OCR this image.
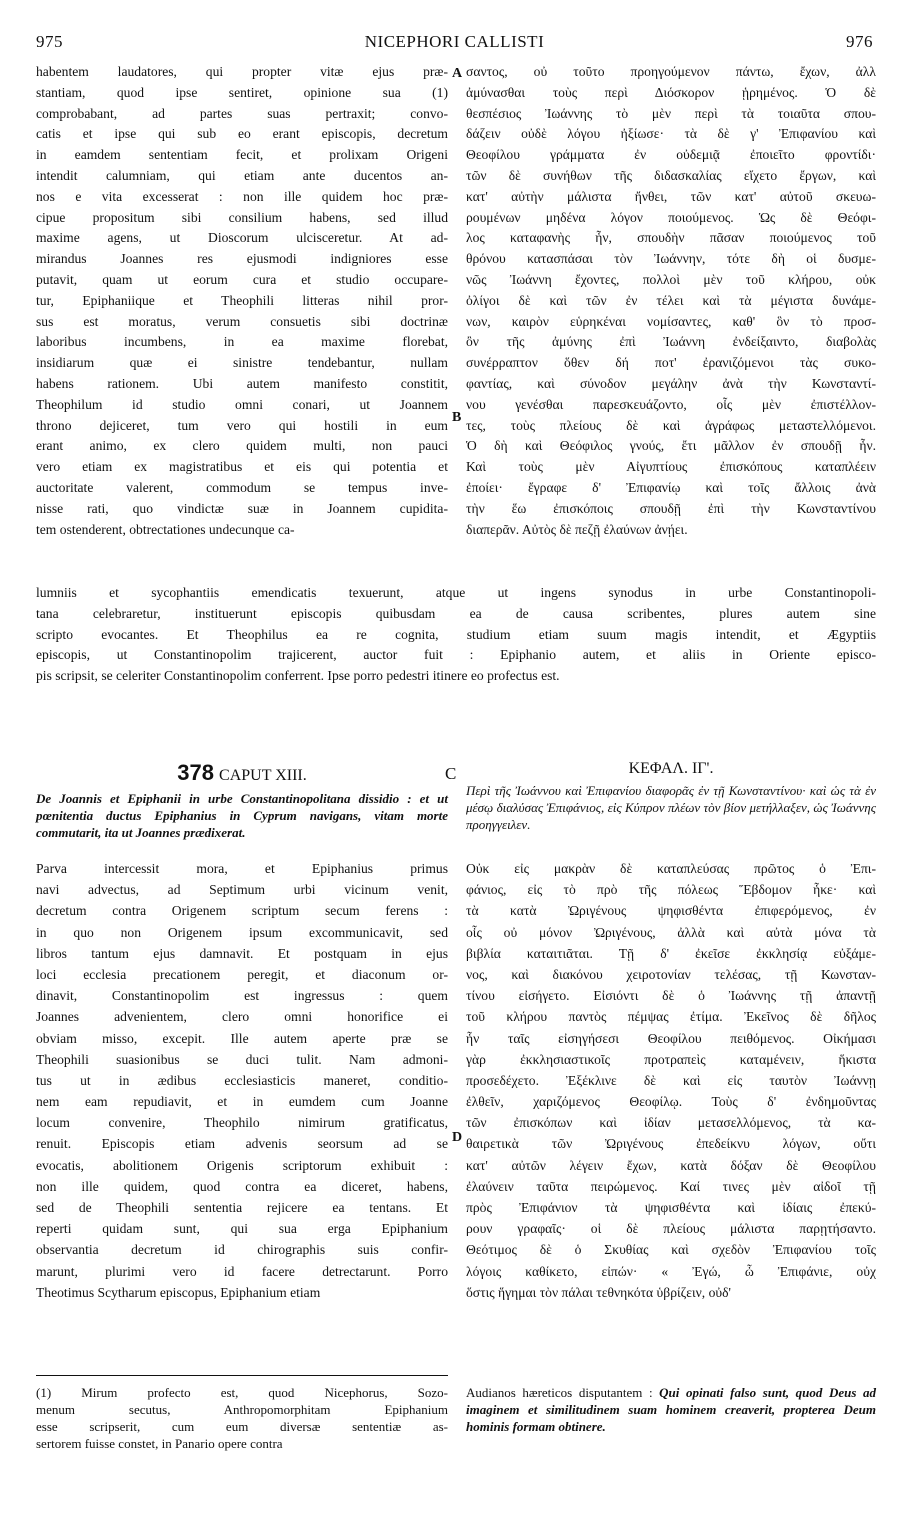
975	NICEPHORI CALLISTI	976
A
B
D
habentem laudatores, qui propter vitæ ejus præ-
stantiam, quod ipse sentiret, opinione sua (1)
comprobabant, ad partes suas pertraxit; convo-
catis et ipse qui sub eo erant episcopis, decretum
in eamdem sententiam fecit, et prolixam Origeni
intendit calumniam, qui etiam ante ducentos an-
nos e vita excesserat : non ille quidem hoc præ-
cipue propositum sibi consilium habens, sed illud
maxime agens, ut Dioscorum ulcisceretur. At ad-
mirandus Joannes res ejusmodi indigniores esse
putavit, quam ut eorum cura et studio occupare-
tur, Epiphaniique et Theophili litteras nihil pror-
sus est moratus, verum consuetis sibi doctrinæ
laboribus incumbens, in ea maxime florebat,
insidiarum quæ ei sinistre tendebantur, nullam
habens rationem. Ubi autem manifesto constitit,
Theophilum id studio omni conari, ut Joannem
throno dejiceret, tum vero qui hostili in eum
erant animo, ex clero quidem multi, non pauci
vero etiam ex magistratibus et eis qui potentia et
auctoritate valerent, commodum se tempus inve-
nisse rati, quo vindictæ suæ in Joannem cupidita-
tem ostenderent, obtrectationes undecunque ca-
σαντος, οὐ τοῦτο προηγούμενον πάντω, ἔχων, ἀλλ
ἀμύνασθαι τοὺς περὶ Διόσκορον ᾑρημένος. Ὁ δὲ
θεσπέσιος Ἰωάννης τὸ μὲν περὶ τὰ τοιαῦτα σπου-
δάζειν οὐδὲ λόγου ἠξίωσε· τὰ δὲ γ' Ἐπιφανίου καὶ
Θεοφίλου γράμματα ἐν οὐδεμιᾷ ἐποιεῖτο φροντίδι·
τῶν δὲ συνήθων τῆς διδασκαλίας εἴχετο ἔργων, καὶ
κατ' αὐτὴν μάλιστα ἤνθει, τῶν κατ' αὐτοῦ σκευω-
ρουμένων μηδένα λόγον ποιούμενος. Ὡς δὲ Θεόφι-
λος καταφανὴς ἦν, σπουδὴν πᾶσαν ποιούμενος τοῦ
θρόνου κατασπάσαι τὸν Ἰωάννην, τότε δὴ οἱ δυσμε-
νῶς Ἰωάννη ἔχοντες, πολλοὶ μὲν τοῦ κλήρου, οὐκ
ὀλίγοι δὲ καὶ τῶν ἐν τέλει καὶ τὰ μέγιστα δυνάμε-
νων, καιρὸν εὑρηκέναι νομίσαντες, καθ' ὃν τὸ προσ-
ὂν τῆς ἀμύνης ἐπὶ Ἰωάννη ἐνδείξαιντο, διαβολὰς
συνέρραπτον ὅθεν δή ποτ' ἐρανιζόμενοι τὰς συκο-
φαντίας, καὶ σύνοδον μεγάλην ἀνὰ τὴν Κωνσταντί-
νου γενέσθαι παρεσκευάζοντο, οἷς μὲν ἐπιστέλλον-
τες, τοὺς πλείους δὲ καὶ ἀγράφως μεταστελλόμενοι.
Ὁ δὴ καὶ Θεόφιλος γνούς, ἔτι μᾶλλον ἐν σπουδῇ ἦν.
Καὶ τοὺς μὲν Αἰγυπτίους ἐπισκόπους καταπλέειν
ἐποίει· ἔγραφε δ' Ἐπιφανίῳ καὶ τοῖς ἄλλοις ἀνὰ
τὴν ἕω ἐπισκόποις σπουδῇ ἐπὶ τὴν Κωνσταντίνου
διαπερᾶν. Αὐτὸς δὲ πεζῇ ἐλαύνων ἀνῄει.
lumniis et sycophantiis emendicatis texuerunt, atque ut ingens synodus in urbe Constantinopoli-
tana celebraretur, instituerunt episcopis quibusdam ea de causa scribentes, plures autem sine
scripto evocantes. Et Theophilus ea re cognita, studium etiam suum magis intendit, et Ægyptiis
episcopis, ut Constantinopolim trajicerent, auctor fuit : Epiphanio autem, et aliis in Oriente episco-
pis scripsit, se celeriter Constantinopolim conferrent. Ipse porro pedestri itinere eo profectus est.
378 CAPUT XIII.
De Joannis et Epiphanii in urbe Constantinopolitana dissidio : et ut pœnitentia ductus Epiphanius in Cyprum navigans, vitam morte commutarit, ita ut Joannes prædixerat.
C	ΚΕΦΑΛ. ΙΓ'.
Περὶ τῆς Ἰωάννου καὶ Ἐπιφανίου διαφορᾶς ἐν τῇ Κωνσταντίνου· καὶ ὡς τὰ ἐν μέσῳ διαλύσας Ἐπιφάνιος, εἰς Κύπρον πλέων τὸν βίον μετήλλαξεν, ὡς Ἰωάννης προηγγειλεν.
Parva intercessit mora, et Epiphanius primus
navi advectus, ad Septimum urbi vicinum venit,
decretum contra Origenem scriptum secum ferens :
in quo non Origenem ipsum excommunicavit, sed
libros tantum ejus damnavit. Et postquam in ejus
loci ecclesia precationem peregit, et diaconum or-
dinavit, Constantinopolim est ingressus : quem
Joannes advenientem, clero omni honorifice ei
obviam misso, excepit. Ille autem aperte præ se
Theophili suasionibus se duci tulit. Nam admoni-
tus ut in ædibus ecclesiasticis maneret, conditio-
nem eam repudiavit, et in eumdem cum Joanne
locum convenire, Theophilo nimirum gratificatus,
renuit. Episcopis etiam advenis seorsum ad se
evocatis, abolitionem Origenis scriptorum exhibuit :
non ille quidem, quod contra ea diceret, habens,
sed de Theophili sententia rejicere ea tentans. Et
reperti quidam sunt, qui sua erga Epiphanium
observantia decretum id chirographis suis confir-
marunt, plurimi vero id facere detrectarunt. Porro
Theotimus Scytharum episcopus, Epiphanium etiam
Οὐκ εἰς μακρὰν δὲ καταπλεύσας πρῶτος ὁ Ἐπι-
φάνιος, εἰς τὸ πρὸ τῆς πόλεως Ἕβδομον ἧκε· καὶ
τὰ κατὰ Ὠριγένους ψηφισθέντα ἐπιφερόμενος, ἐν
οἷς οὐ μόνον Ὠριγένους, ἀλλὰ καὶ αὐτὰ μόνα τὰ
βιβλία καταιτιᾶται. Τῇ δ' ἐκεῖσε ἐκκλησίᾳ εὐξάμε-
νος, καὶ διακόνου χειροτονίαν τελέσας, τῇ Κωνσταν-
τίνου εἰσήγετο. Εἰσιόντι δὲ ὁ Ἰωάννης τῇ ἀπαντῇ
τοῦ κλήρου παντὸς πέμψας ἐτίμα. Ἐκεῖνος δὲ δῆλος
ἦν ταῖς εἰσηγήσεσι Θεοφίλου πειθόμενος. Οἰκήμασι
γὰρ ἐκκλησιαστικοῖς προτραπεὶς καταμένειν, ἥκιστα
προσεδέχετο. Ἐξέκλινε δὲ καὶ εἰς ταυτὸν Ἰωάννῃ
ἐλθεῖν, χαριζόμενος Θεοφίλῳ. Τοὺς δ' ἐνδημοῦντας
τῶν ἐπισκόπων καὶ ἰδίαν μετασελλόμενος, τὰ κα-
θαιρετικὰ τῶν Ὠριγένους ἐπεδείκνυ λόγων, οὔτι
κατ' αὐτῶν λέγειν ἔχων, κατὰ δόξαν δὲ Θεοφίλου
ἐλαύνειν ταῦτα πειρώμενος. Καί τινες μὲν αἰδοῖ τῇ
πρὸς Ἐπιφάνιον τὰ ψηφισθέντα καὶ ἰδίαις ἐπεκύ-
ρουν γραφαῖς· οἱ δὲ πλείους μάλιστα παρῃτήσαντο.
Θεότιμος δὲ ὁ Σκυθίας καὶ σχεδὸν Ἐπιφανίου τοῖς
λόγοις καθίκετο, εἰπών· « Ἐγώ, ὦ Ἐπιφάνιε, οὐχ
ὅστις ἥγημαι τὸν πάλαι τεθνηκότα ὑβρίζειν, οὐδ'
(1) Mirum profecto est, quod Nicephorus, Sozo-
menum secutus, Anthropomorphitam Epiphanium
esse scripserit, cum eum diversæ sententiæ as-
sertorem fuisse constet, in Panario opere contra
Audianos hæreticos disputantem : Qui opinati falso sunt, quod Deus ad imaginem et similitudinem suam hominem creaverit, propterea Deum hominis formam obtinere.
